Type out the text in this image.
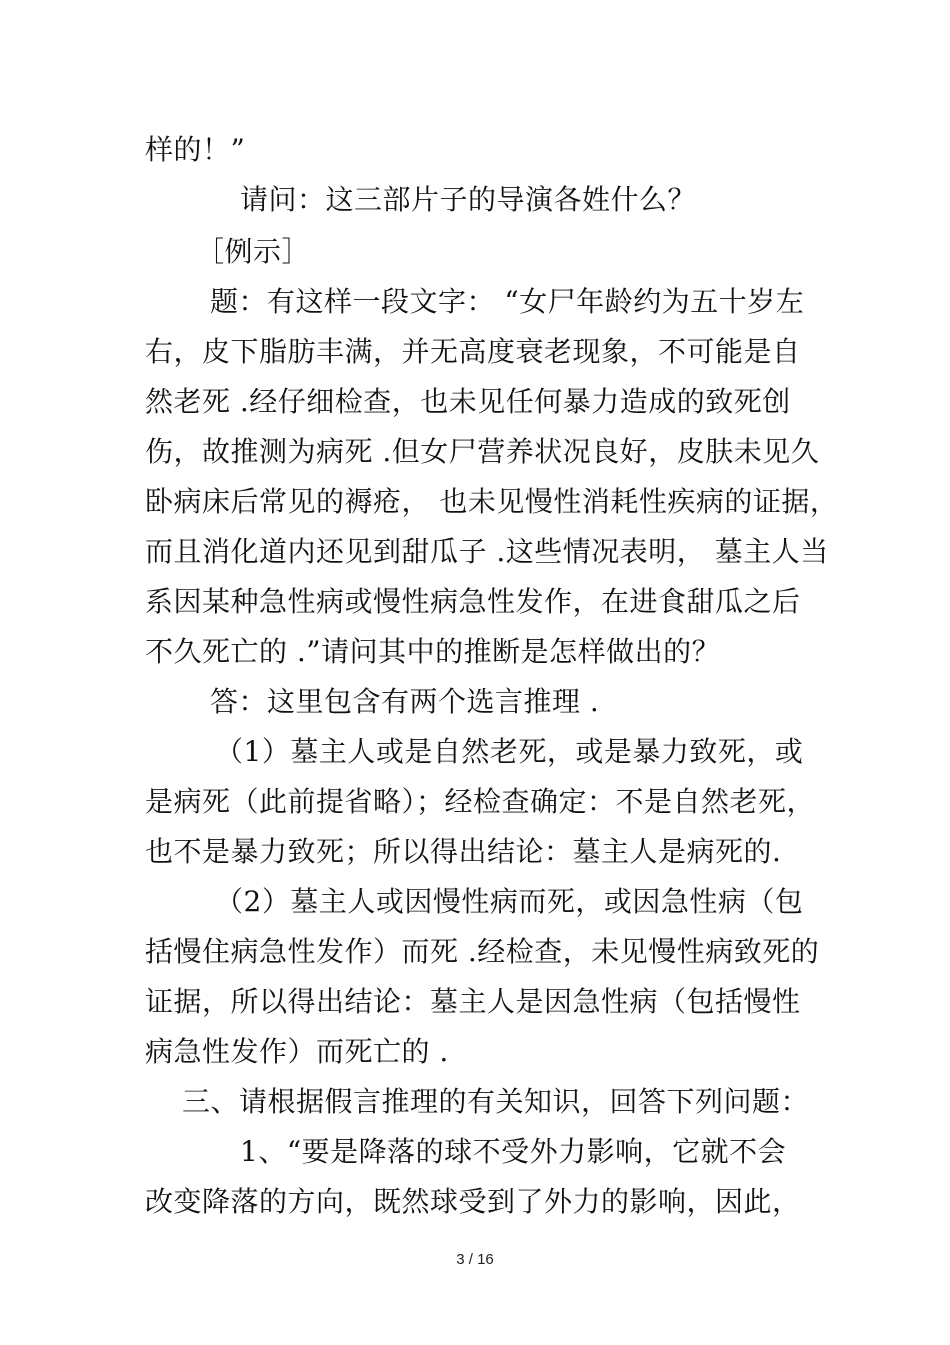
样的！”
请问：这三部片子的导演各姓什么？
［例示］
题：有这样一段文字： “女尸年龄约为五十岁左
右，皮下脂肪丰满，并无高度衰老现象，不可能是自
然老死 .经仔细检查，也未见任何暴力造成的致死创
伤，故推测为病死 .但女尸营养状况良好，皮肤未见久
卧病床后常见的褥疮， 也未见慢性消耗性疾病的证据，
而且消化道内还见到甜瓜子 .这些情况表明， 墓主人当
系因某种急性病或慢性病急性发作，在进食甜瓜之后
不久死亡的 .”请问其中的推断是怎样做出的？
答：这里包含有两个选言推理 .
（1）墓主人或是自然老死，或是暴力致死，或
是病死（此前提省略）；经检查确定：不是自然老死，
也不是暴力致死；所以得出结论：墓主人是病死的.
（2）墓主人或因慢性病而死，或因急性病（包
括慢住病急性发作）而死 .经检查，未见慢性病致死的
证据，所以得出结论：墓主人是因急性病（包括慢性
病急性发作）而死亡的 .
三、请根据假言推理的有关知识，回答下列问题：
1、“要是降落的球不受外力影响，它就不会
改变降落的方向，既然球受到了外力的影响，因此，
3 / 16
